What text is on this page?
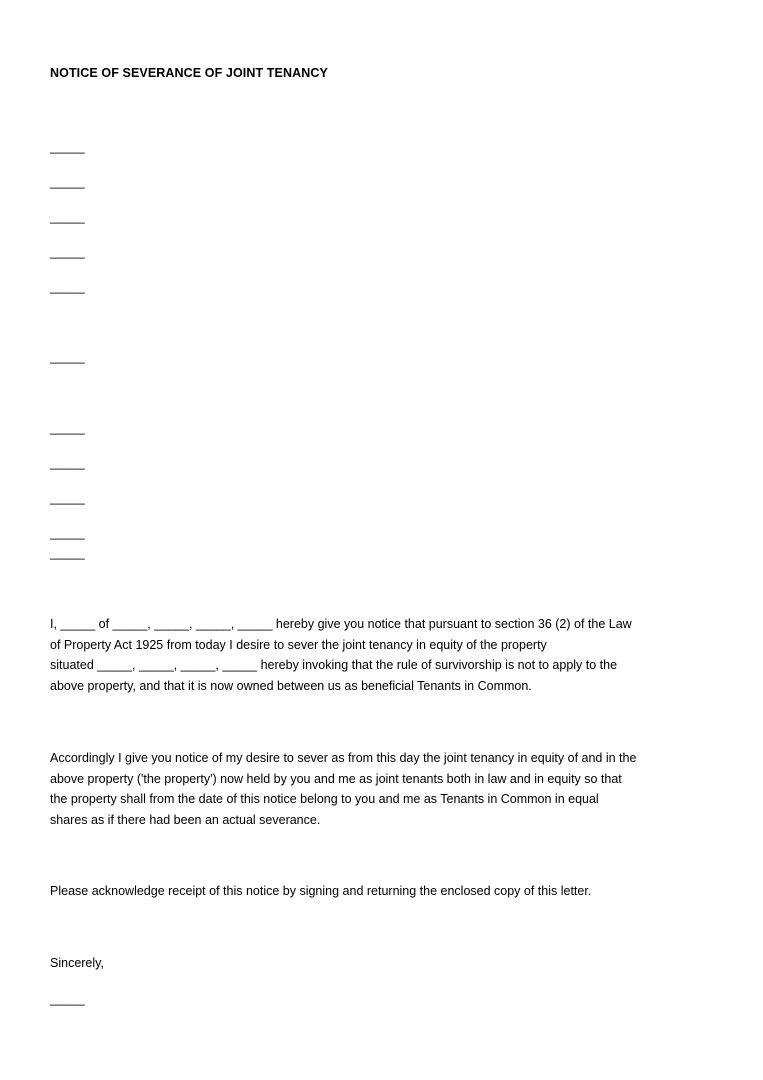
NOTICE OF SEVERANCE OF JOINT TENANCY
_____
_____
_____
_____
_____
_____
_____
_____
_____
_____
_____
I, _____ of _____, _____, _____, _____ hereby give you notice that pursuant to section 36 (2) of the Law
of Property Act 1925 from today I desire to sever the joint tenancy in equity of the property
situated _____, _____, _____, _____ hereby invoking that the rule of survivorship is not to apply to the
above property, and that it is now owned between us as beneficial Tenants in Common.
Accordingly I give you notice of my desire to sever as from this day the joint tenancy in equity of and in the
above property ('the property') now held by you and me as joint tenants both in law and in equity so that
the property shall from the date of this notice belong to you and me as Tenants in Common in equal
shares as if there had been an actual severance.
Please acknowledge receipt of this notice by signing and returning the enclosed copy of this letter.
Sincerely,
_____
